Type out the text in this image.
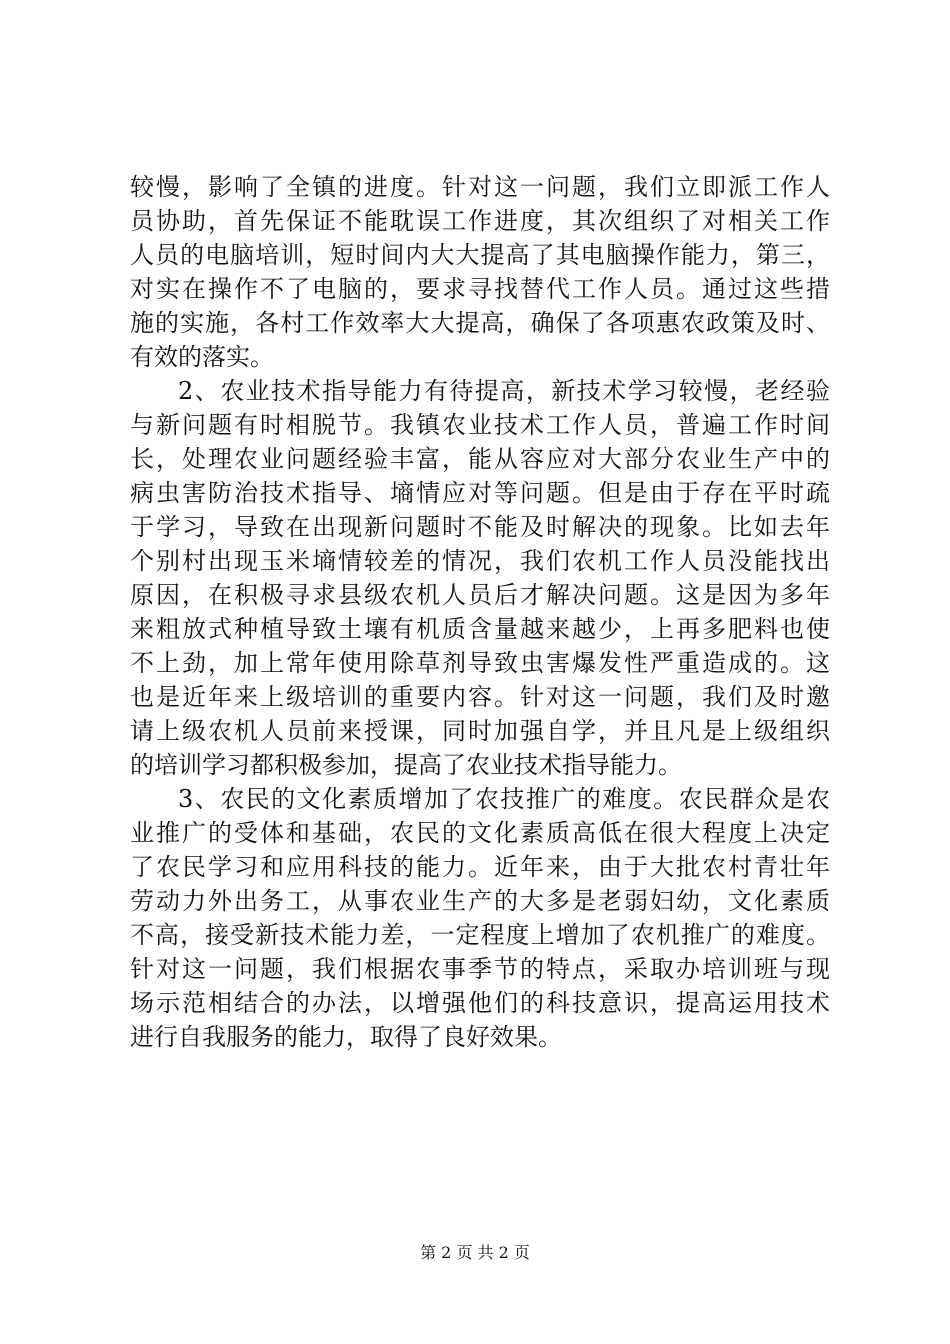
较慢，影响了全镇的进度。针对这一问题，我们立即派工作人
员协助，首先保证不能耽误工作进度，其次组织了对相关工作
人员的电脑培训，短时间内大大提高了其电脑操作能力，第三，
对实在操作不了电脑的，要求寻找替代工作人员。通过这些措
施的实施，各村工作效率大大提高，确保了各项惠农政策及时、
有效的落实。
2、农业技术指导能力有待提高，新技术学习较慢，老经验
与新问题有时相脱节。我镇农业技术工作人员，普遍工作时间
长，处理农业问题经验丰富，能从容应对大部分农业生产中的
病虫害防治技术指导、墒情应对等问题。但是由于存在平时疏
于学习，导致在出现新问题时不能及时解决的现象。比如去年
个别村出现玉米墒情较差的情况，我们农机工作人员没能找出
原因，在积极寻求县级农机人员后才解决问题。这是因为多年
来粗放式种植导致土壤有机质含量越来越少，上再多肥料也使
不上劲，加上常年使用除草剂导致虫害爆发性严重造成的。这
也是近年来上级培训的重要内容。针对这一问题，我们及时邀
请上级农机人员前来授课，同时加强自学，并且凡是上级组织
的培训学习都积极参加，提高了农业技术指导能力。
3、农民的文化素质增加了农技推广的难度。农民群众是农
业推广的受体和基础，农民的文化素质高低在很大程度上决定
了农民学习和应用科技的能力。近年来，由于大批农村青壮年
劳动力外出务工，从事农业生产的大多是老弱妇幼，文化素质
不高，接受新技术能力差，一定程度上增加了农机推广的难度。
针对这一问题，我们根据农事季节的特点，采取办培训班与现
场示范相结合的办法，以增强他们的科技意识，提高运用技术
进行自我服务的能力，取得了良好效果。
第 2 页 共 2 页
